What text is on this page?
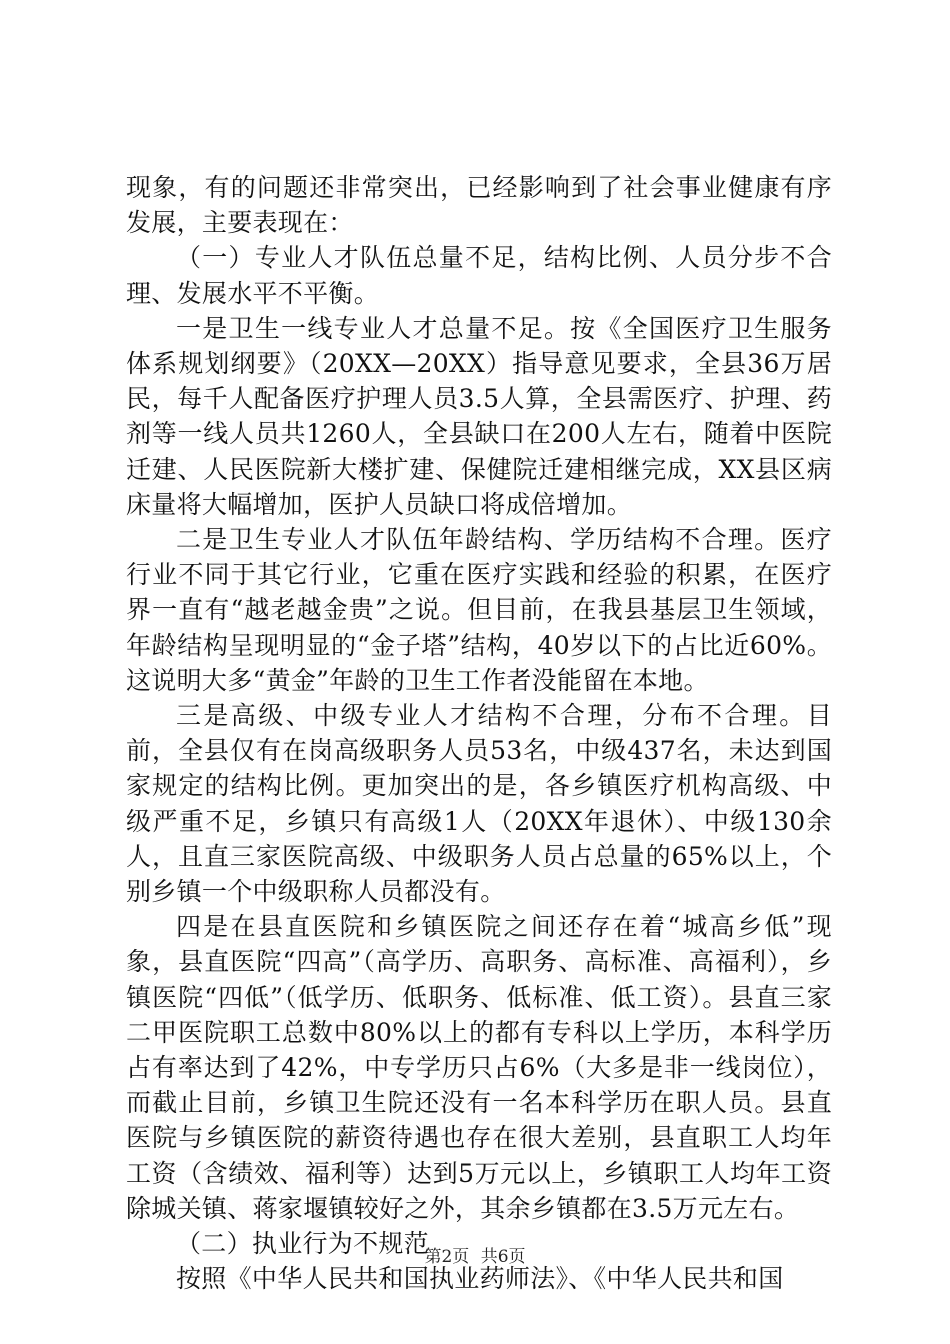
现象，有的问题还非常突出，已经影响到了社会事业健康有序发展，主要表现在：

（一）专业人才队伍总量不足，结构比例、人员分步不合理、发展水平不平衡。

一是卫生一线专业人才总量不足。按《全国医疗卫生服务体系规划纲要》（20XX—20XX）指导意见要求，全县36万居民，每千人配备医疗护理人员3.5人算，全县需医疗、护理、药剂等一线人员共1260人，全县缺口在200人左右，随着中医院迁建、人民医院新大楼扩建、保健院迁建相继完成，XX县区病床量将大幅增加，医护人员缺口将成倍增加。

二是卫生专业人才队伍年龄结构、学历结构不合理。医疗行业不同于其它行业，它重在医疗实践和经验的积累，在医疗界一直有“越老越金贵”之说。但目前，在我县基层卫生领域，年龄结构呈现明显的“金子塔”结构，40岁以下的占比近60%。这说明大多“黄金”年龄的卫生工作者没能留在本地。

三是高级、中级专业人才结构不合理，分布不合理。目前，全县仅有在岗高级职务人员53名，中级437名，未达到国家规定的结构比例。更加突出的是，各乡镇医疗机构高级、中级严重不足，乡镇只有高级1人（20XX年退休）、中级130余人，且直三家医院高级、中级职务人员占总量的65%以上，个别乡镇一个中级职称人员都没有。

四是在县直医院和乡镇医院之间还存在着“城高乡低”现象，县直医院“四高”（高学历、高职务、高标准、高福利），乡镇医院“四低”（低学历、低职务、低标准、低工资）。县直三家二甲医院职工总数中80%以上的都有专科以上学历，本科学历占有率达到了42%，中专学历只占6%（大多是非一线岗位），而截止目前，乡镇卫生院还没有一名本科学历在职人员。县直医院与乡镇医院的薪资待遇也存在很大差别，县直职工人均年工资（含绩效、福利等）达到5万元以上，乡镇职工人均年工资除城关镇、蒋家堰镇较好之外，其余乡镇都在3.5万元左右。

（二）执业行为不规范

按照《中华人民共和国执业药师法》、《中华人民共和国

第2页 共6页
